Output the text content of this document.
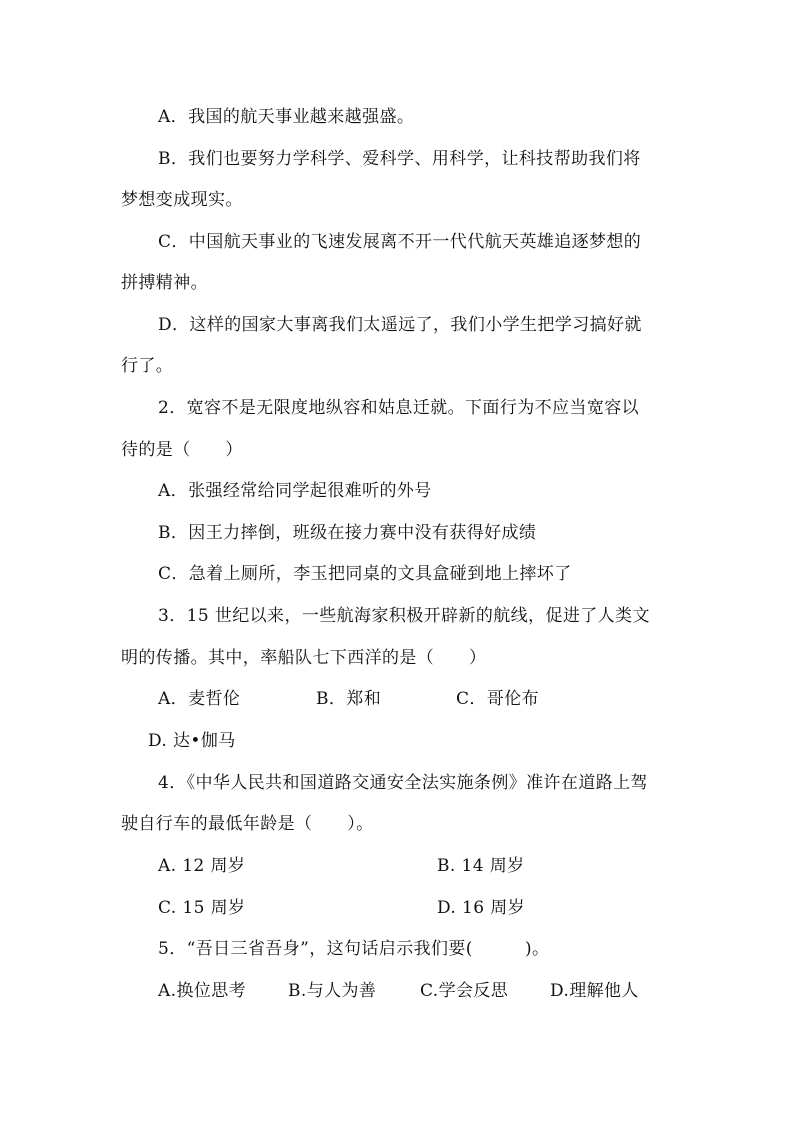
A．我国的航天事业越来越强盛。
B．我们也要努力学科学、爱科学、用科学，让科技帮助我们将
梦想变成现实。
C．中国航天事业的飞速发展离不开一代代航天英雄追逐梦想的
拼搏精神。
D．这样的国家大事离我们太遥远了，我们小学生把学习搞好就
行了。
2．宽容不是无限度地纵容和姑息迁就。下面行为不应当宽容以
待的是（　　）
A．张强经常给同学起很难听的外号
B．因王力摔倒，班级在接力赛中没有获得好成绩
C．急着上厕所，李玉把同桌的文具盒碰到地上摔坏了
3．15 世纪以来，一些航海家积极开辟新的航线，促进了人类文
明的传播。其中，率船队七下西洋的是（　　）
A．麦哲伦	B．郑和	C．哥伦布
D. 达•伽马
4．《中华人民共和国道路交通安全法实施条例》准许在道路上驾
驶自行车的最低年龄是（　　）。
A. 12 周岁	B. 14 周岁
C. 15 周岁	D. 16 周岁
5．“吾日三省吾身”，这句话启示我们要(　　　)。
A.换位思考 B.与人为善	C.学会反思 D.理解他人
